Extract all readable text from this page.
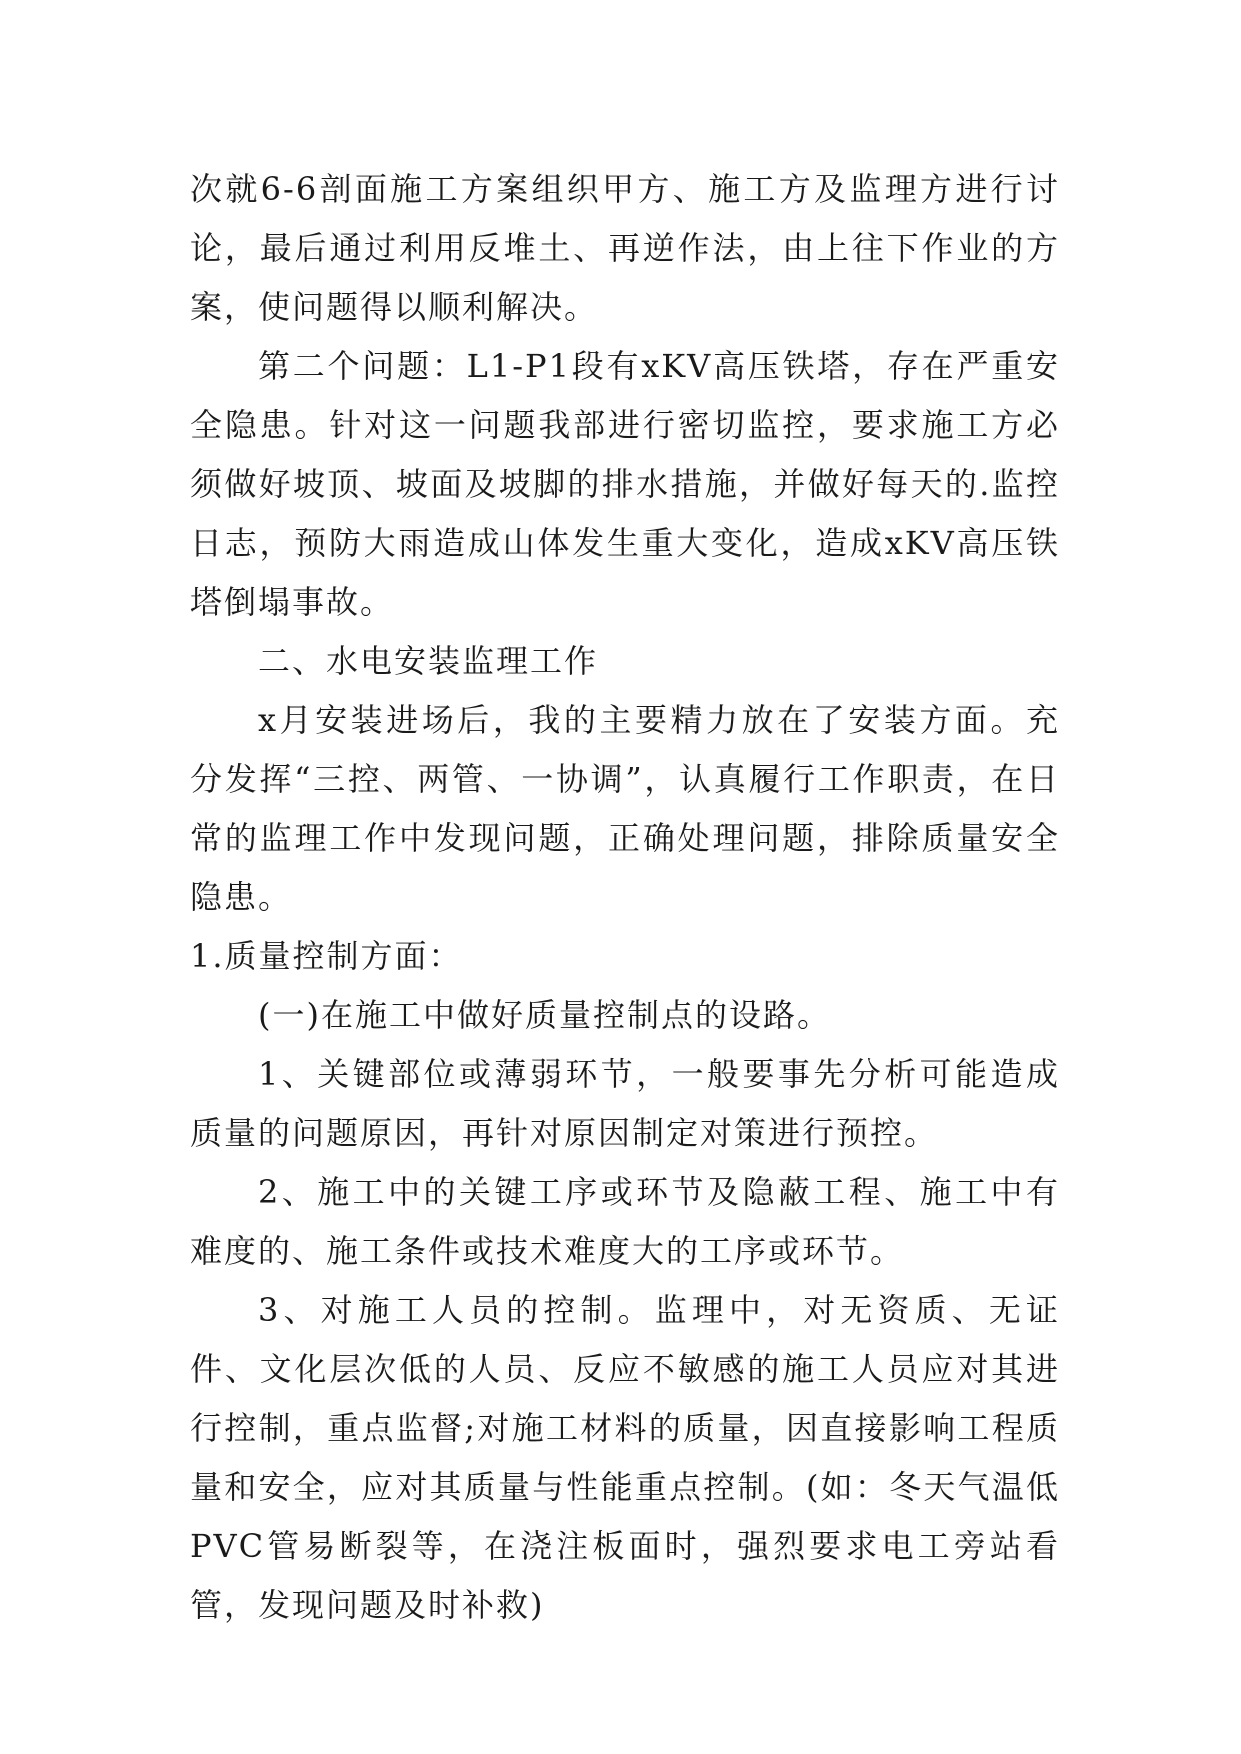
次就6-6剖面施工方案组织甲方、施工方及监理方进行讨论，最后通过利用反堆土、再逆作法，由上往下作业的方案，使问题得以顺利解决。

第二个问题：L1-P1段有xKV高压铁塔，存在严重安全隐患。针对这一问题我部进行密切监控，要求施工方必须做好坡顶、坡面及坡脚的排水措施，并做好每天的.监控日志，预防大雨造成山体发生重大变化，造成xKV高压铁塔倒塌事故。

二、水电安装监理工作

x月安装进场后，我的主要精力放在了安装方面。充分发挥“三控、两管、一协调”，认真履行工作职责，在日常的监理工作中发现问题，正确处理问题，排除质量安全隐患。

1.质量控制方面：

(一)在施工中做好质量控制点的设路。

1、关键部位或薄弱环节，一般要事先分析可能造成质量的问题原因，再针对原因制定对策进行预控。

2、施工中的关键工序或环节及隐蔽工程、施工中有难度的、施工条件或技术难度大的工序或环节。

3、对施工人员的控制。监理中，对无资质、无证件、文化层次低的人员、反应不敏感的施工人员应对其进行控制，重点监督;对施工材料的质量，因直接影响工程质量和安全，应对其质量与性能重点控制。(如：冬天气温低PVC管易断裂等，在浇注板面时，强烈要求电工旁站看管，发现问题及时补救)
